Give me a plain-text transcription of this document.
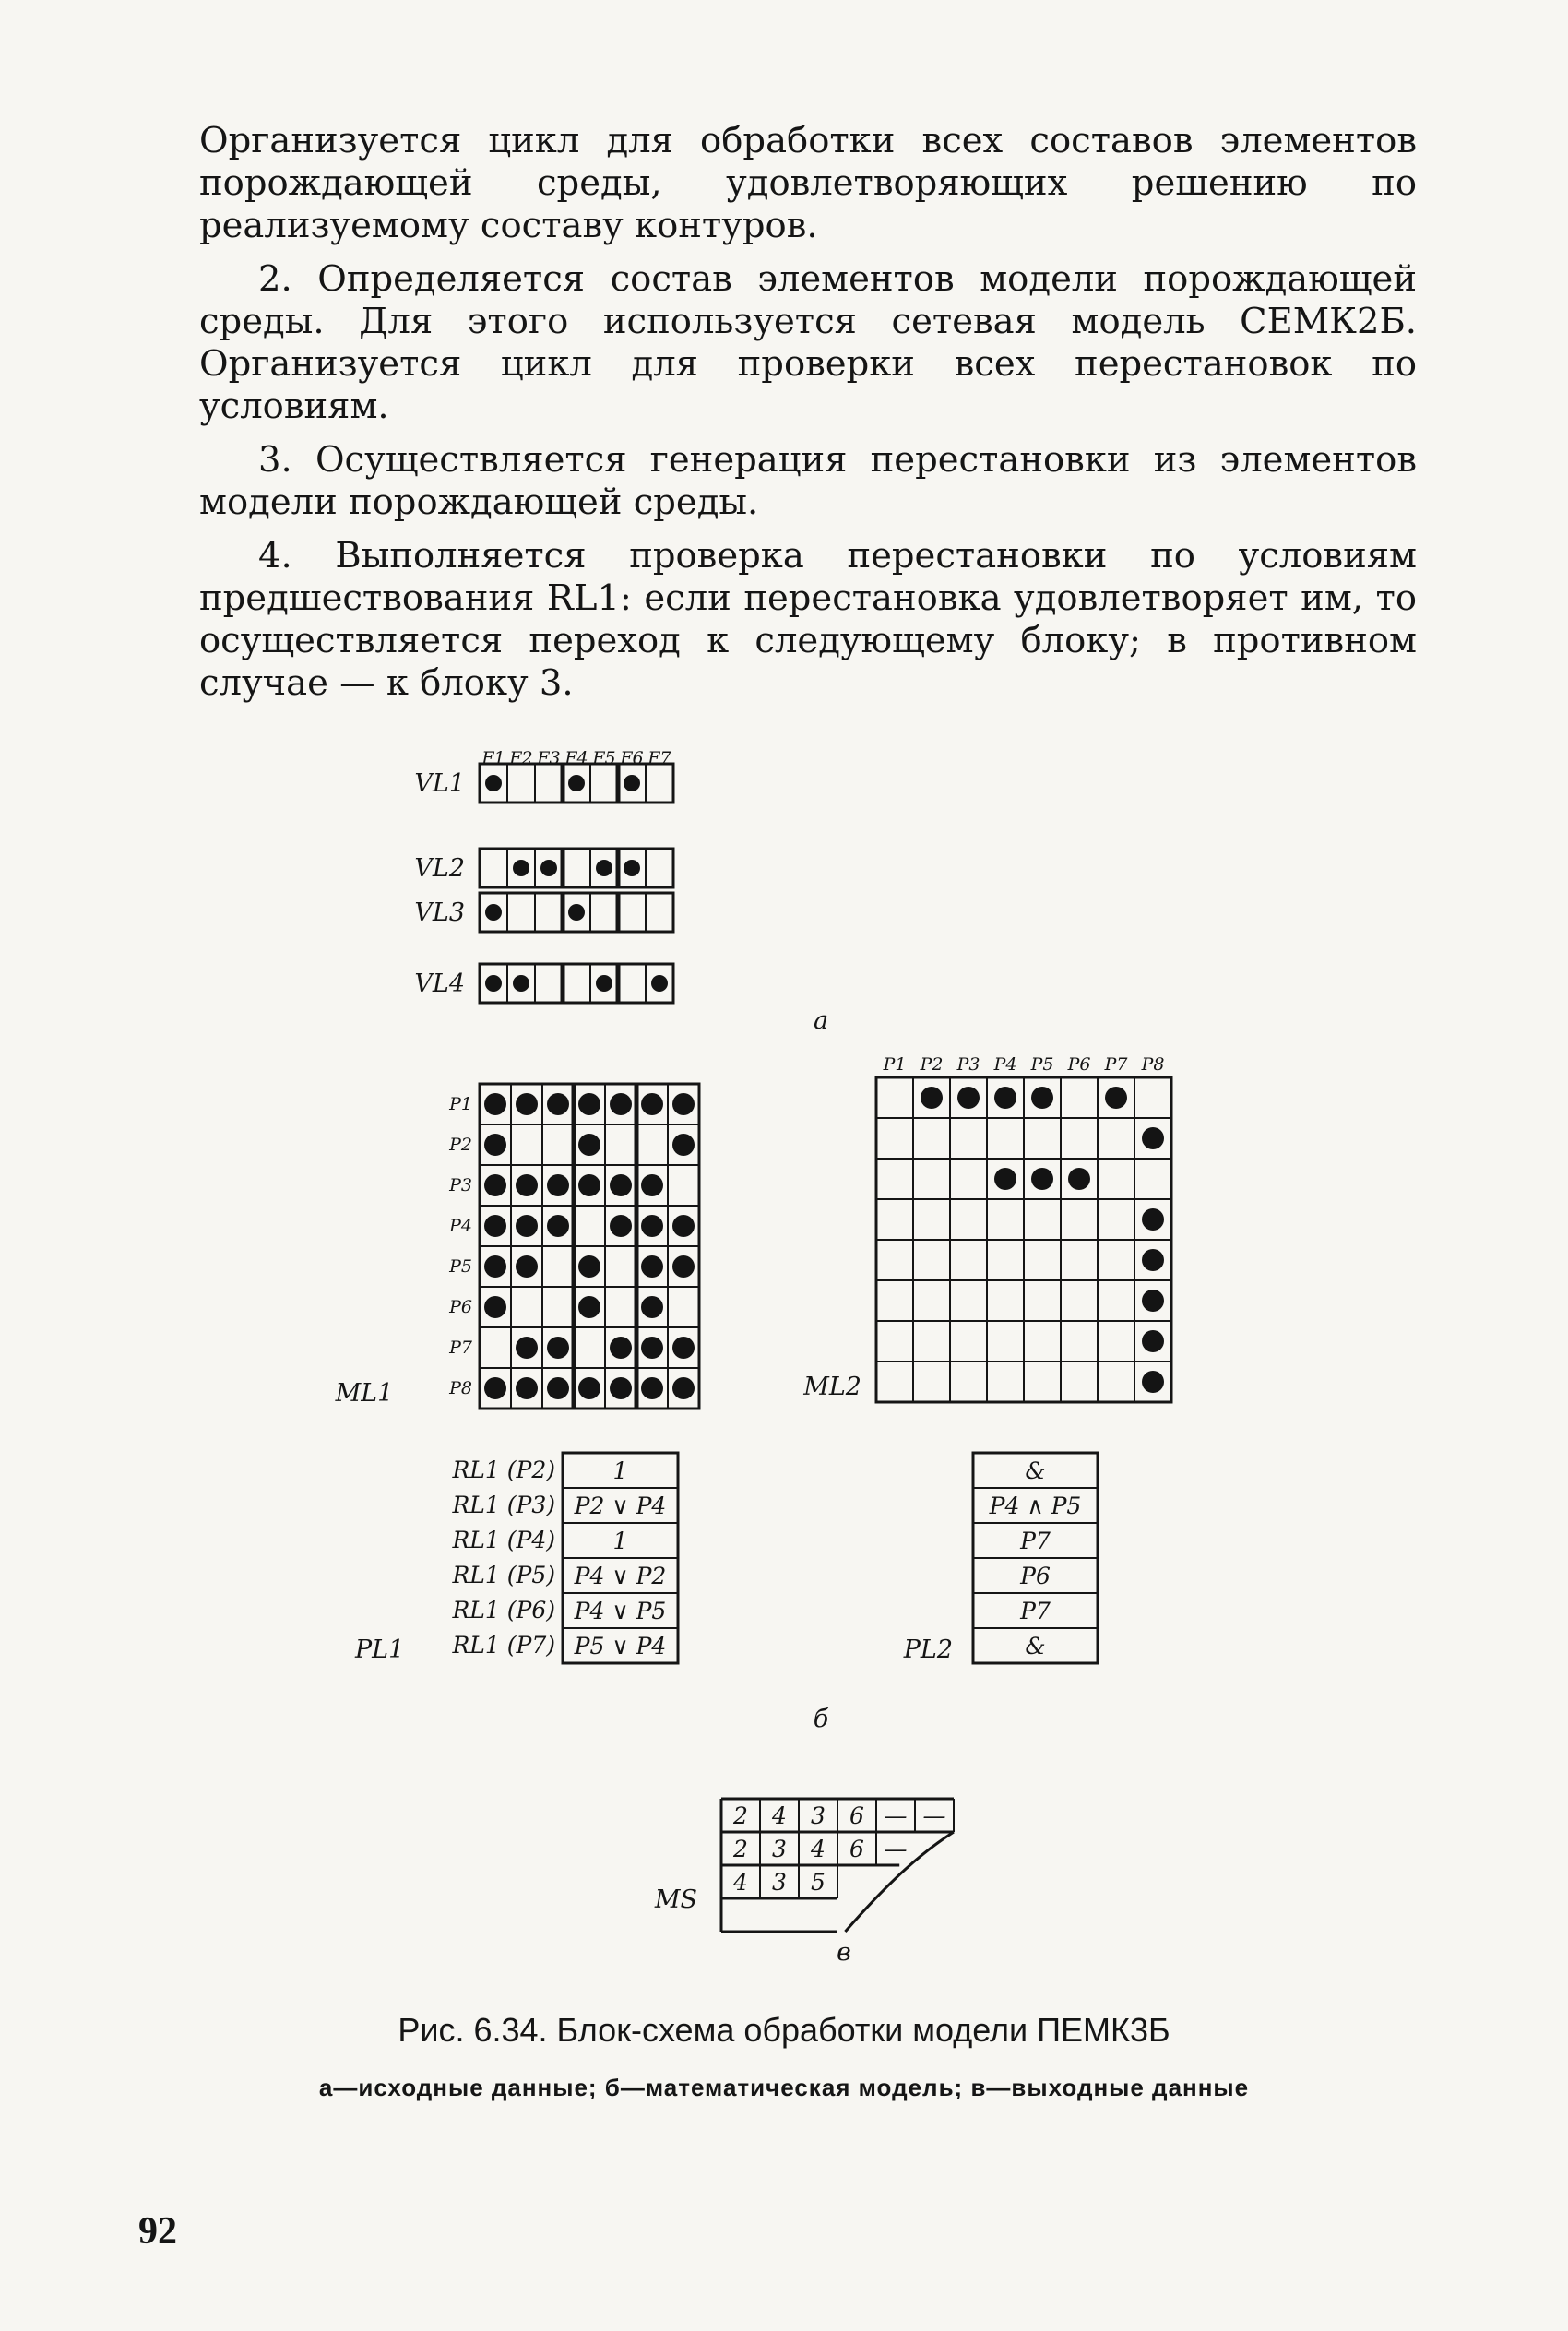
Организуется цикл для обработки всех составов элементов порождающей среды, удовлетворяющих решению по реализуемому составу контуров.

2. Определяется состав элементов модели порождающей среды. Для этого используется сетевая модель СЕМК2Б. Организуется цикл для проверки всех перестановок по условиям.

3. Осуществляется генерация перестановки из элементов модели порождающей среды.

4. Выполняется проверка перестановки по условиям предшествования RL1: если перестановка удовлетворяет им, то осуществляется переход к следующему блоку; в противном случае — к блоку 3.

F1 F2 F3 F4 F5 F6 F7
VL1
VL2
VL3
VL4
а
P1
P2
P3
P4
P5
P6
P7
P8
ML1
P1 P2 P3 P4 P5 P6 P7 P8
ML2
RL1 (P2)	1
RL1 (P3) P2 ∨ P4
RL1 (P4)	1
RL1 (P5) P4 ∨ P2
RL1 (P6) P4 ∨ P5
RL1 (P7) P5 ∨ P4
PL1
&
P4 ∧ P5
P7
P6
P7
&
PL2
б
2 4 3 6 — —
2 3 4 6 —
4 3 5
MS
в
Рис. 6.34. Блок-схема обработки модели ПЕМК3Б
а—исходные данные; б—математическая модель; в—выходные данные
92
